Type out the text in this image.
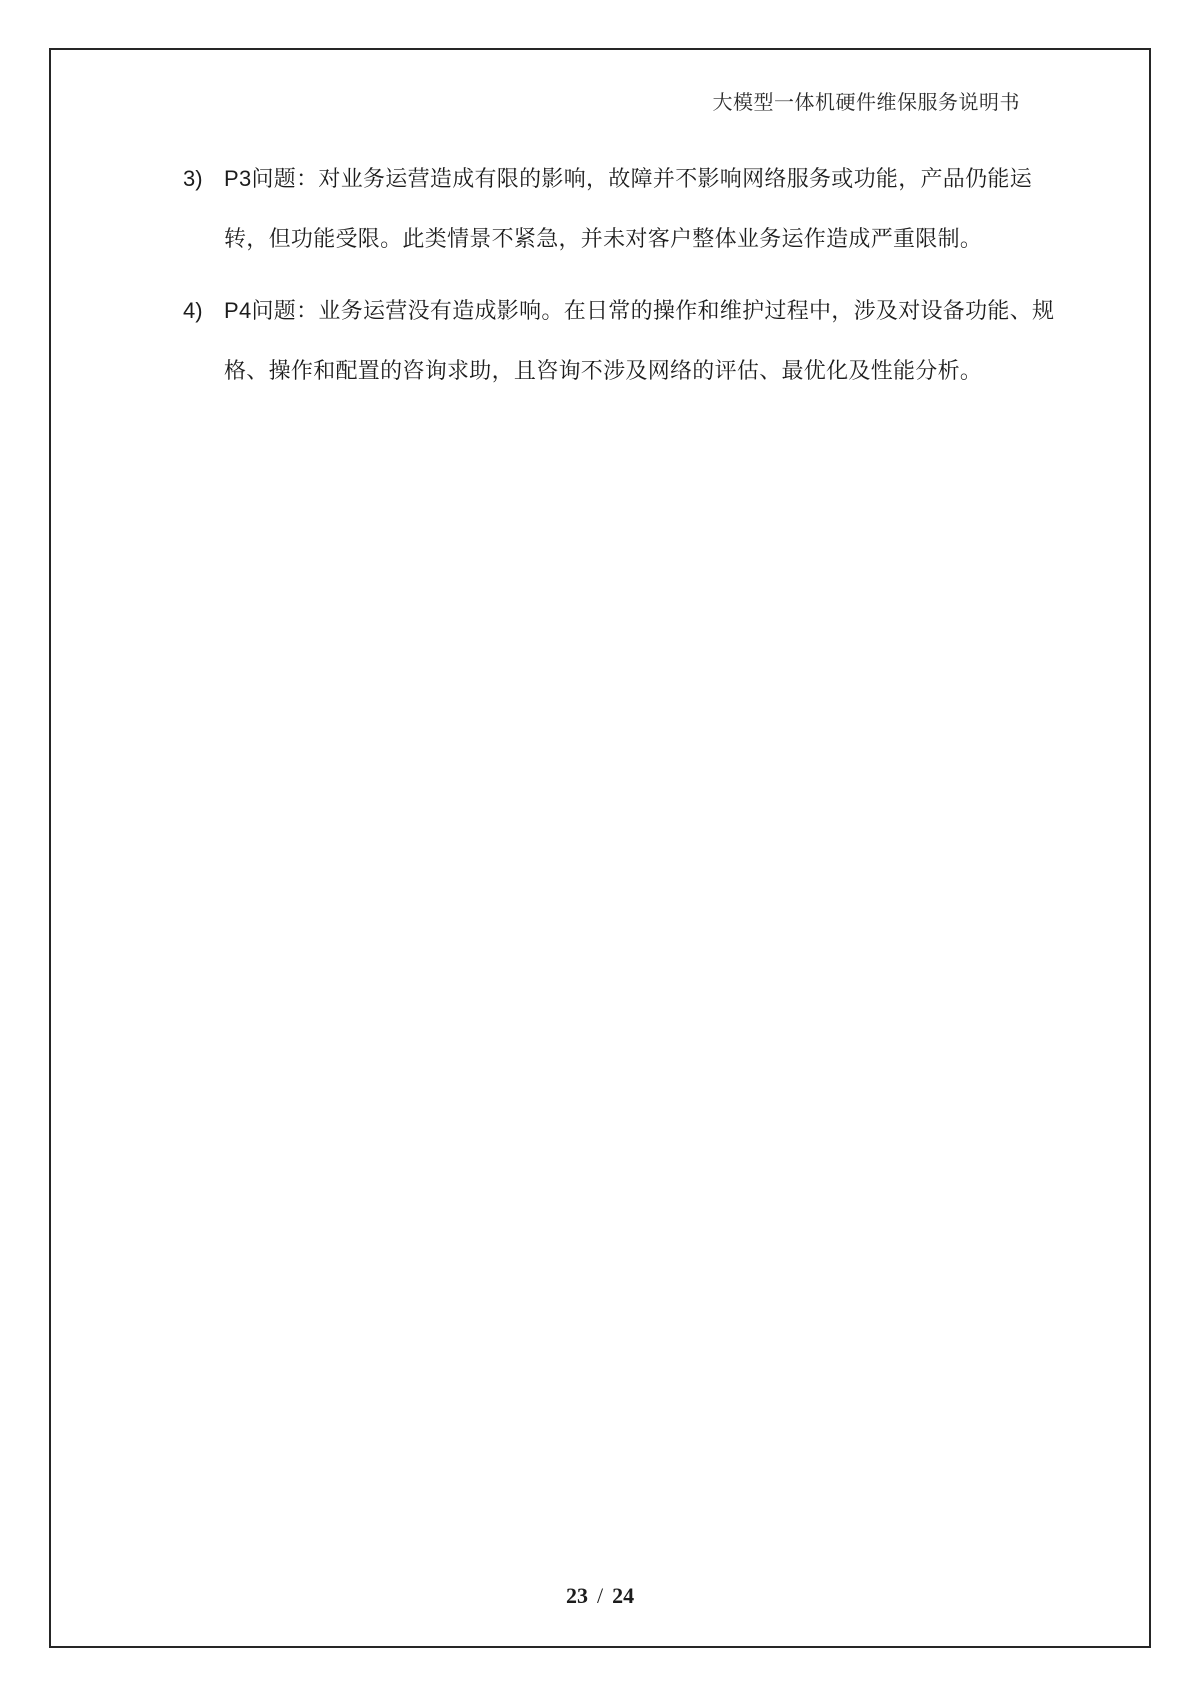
大模型一体机硬件维保服务说明书
3) P3问题：对业务运营造成有限的影响，故障并不影响网络服务或功能，产品仍能运
转，但功能受限。此类情景不紧急，并未对客户整体业务运作造成严重限制。
4) P4问题：业务运营没有造成影响。在日常的操作和维护过程中，涉及对设备功能、规
格、操作和配置的咨询求助，且咨询不涉及网络的评估、最优化及性能分析。
23 / 24
